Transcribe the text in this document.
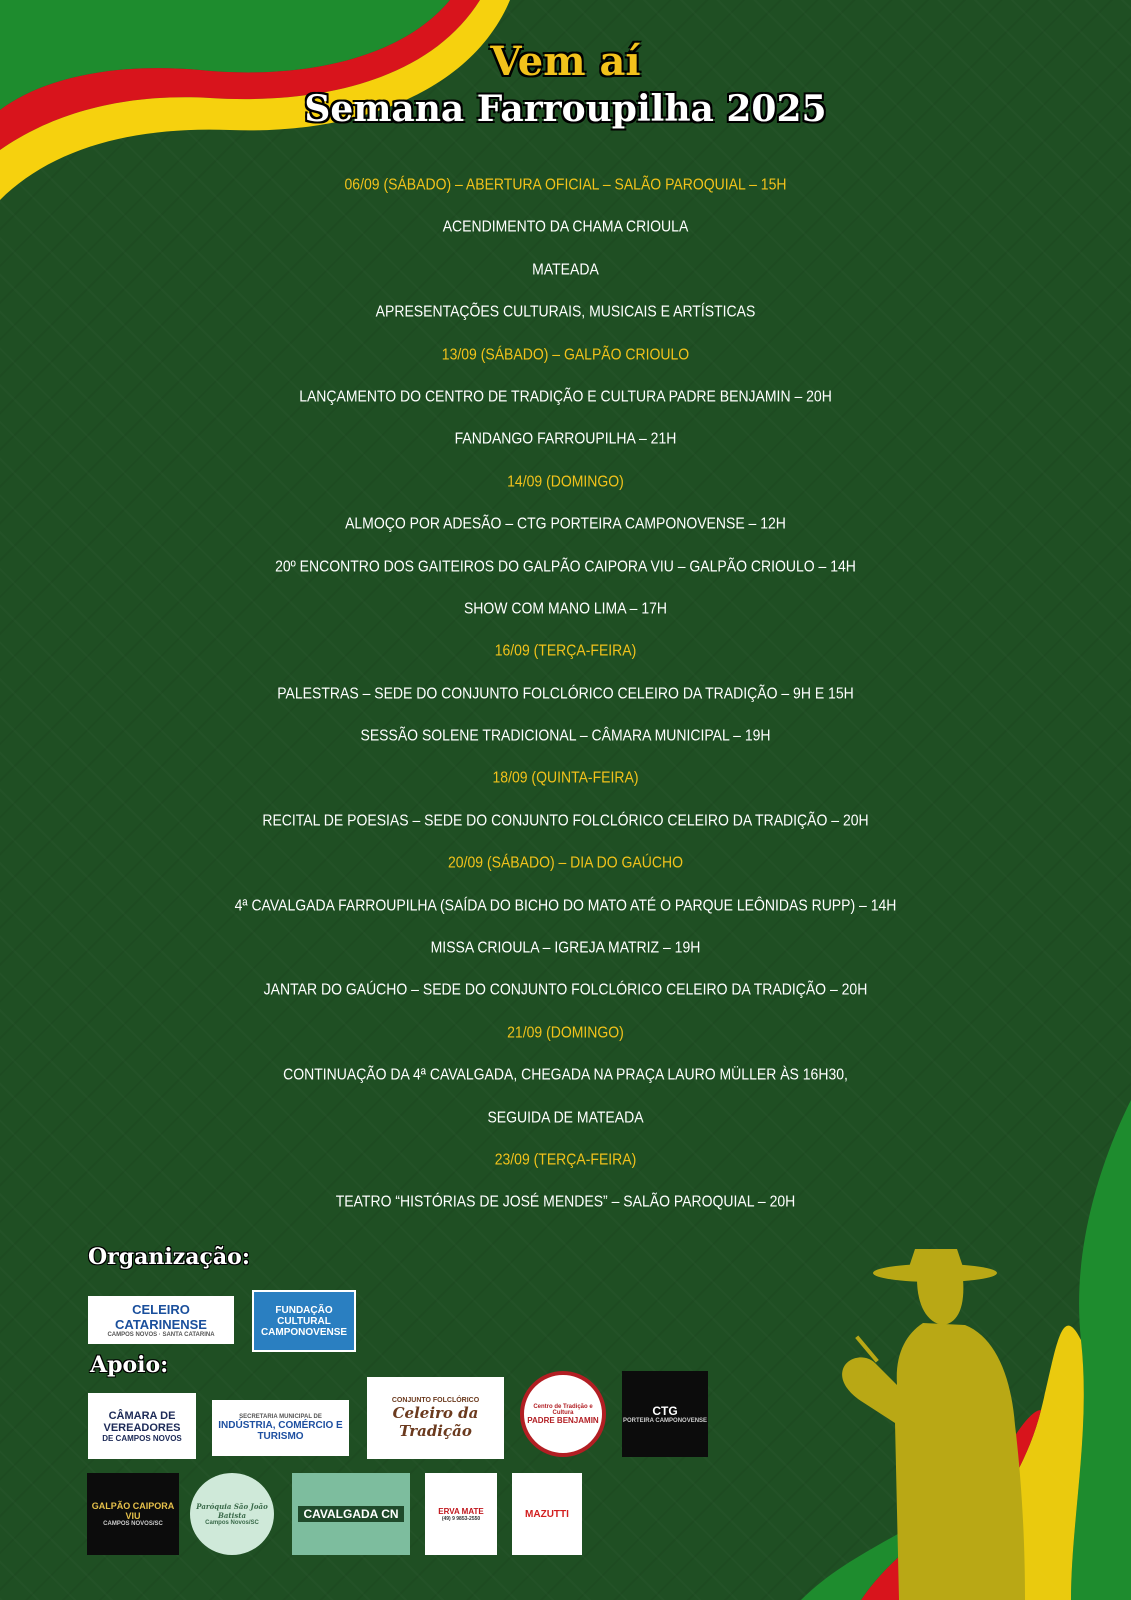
Vem aí
Semana Farroupilha 2025
06/09 (SÁBADO) – ABERTURA OFICIAL – SALÃO PAROQUIAL – 15H
ACENDIMENTO DA CHAMA CRIOULA
MATEADA
APRESENTAÇÕES CULTURAIS, MUSICAIS E ARTÍSTICAS
13/09 (SÁBADO) – GALPÃO CRIOULO
LANÇAMENTO DO CENTRO DE TRADIÇÃO E CULTURA PADRE BENJAMIN – 20H
FANDANGO FARROUPILHA – 21H
14/09 (DOMINGO)
ALMOÇO POR ADESÃO – CTG PORTEIRA CAMPONOVENSE – 12H
20º ENCONTRO DOS GAITEIROS DO GALPÃO CAIPORA VIU – GALPÃO CRIOULO – 14H
SHOW COM MANO LIMA – 17H
16/09 (TERÇA-FEIRA)
PALESTRAS – SEDE DO CONJUNTO FOLCLÓRICO CELEIRO DA TRADIÇÃO – 9H E 15H
SESSÃO SOLENE TRADICIONAL – CÂMARA MUNICIPAL – 19H
18/09 (QUINTA-FEIRA)
RECITAL DE POESIAS – SEDE DO CONJUNTO FOLCLÓRICO CELEIRO DA TRADIÇÃO – 20H
20/09 (SÁBADO) – DIA DO GAÚCHO
4ª CAVALGADA FARROUPILHA (SAÍDA DO BICHO DO MATO ATÉ O PARQUE LEÔNIDAS RUPP) – 14H
MISSA CRIOULA – IGREJA MATRIZ – 19H
JANTAR DO GAÚCHO – SEDE DO CONJUNTO FOLCLÓRICO CELEIRO DA TRADIÇÃO – 20H
21/09 (DOMINGO)
CONTINUAÇÃO DA 4ª CAVALGADA, CHEGADA NA PRAÇA LAURO MÜLLER ÀS 16H30,
SEGUIDA DE MATEADA
23/09 (TERÇA-FEIRA)
TEATRO “HISTÓRIAS DE JOSÉ MENDES” – SALÃO PAROQUIAL – 20H
Organização:
CELEIRO CATARINENSE
CAMPOS NOVOS · SANTA CATARINA
FUNDAÇÃO CULTURAL CAMPONOVENSE
Apoio:
CÂMARA DE VEREADORES
DE CAMPOS NOVOS
SECRETARIA MUNICIPAL DE
INDÚSTRIA, COMÉRCIO E TURISMO
CONJUNTO FOLCLÓRICO
Celeiro da Tradição
Centro de Tradição e Cultura
PADRE BENJAMIN
CTG
PORTEIRA CAMPONOVENSE
GALPÃO CAIPORA VIU
CAMPOS NOVOS/SC
Paróquia São João Batista
Campos Novos/SC
CAVALGADA CN	ERVA MATE
(49) 9 9853-2550	MAZUTTI
